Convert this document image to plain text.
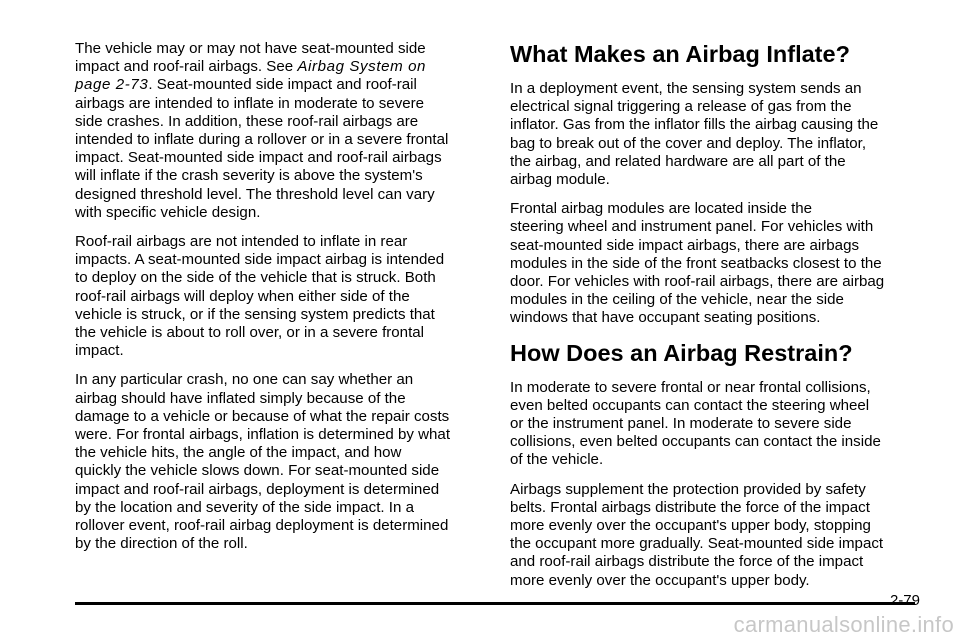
The vehicle may or may not have seat-mounted side
impact and roof-rail airbags. See Airbag System on
page 2-73. Seat-mounted side impact and roof-rail
airbags are intended to inflate in moderate to severe
side crashes. In addition, these roof-rail airbags are
intended to inflate during a rollover or in a severe frontal
impact. Seat-mounted side impact and roof-rail airbags
will inflate if the crash severity is above the system's
designed threshold level. The threshold level can vary
with specific vehicle design.

Roof-rail airbags are not intended to inflate in rear
impacts. A seat-mounted side impact airbag is intended
to deploy on the side of the vehicle that is struck. Both
roof-rail airbags will deploy when either side of the
vehicle is struck, or if the sensing system predicts that
the vehicle is about to roll over, or in a severe frontal
impact.

In any particular crash, no one can say whether an
airbag should have inflated simply because of the
damage to a vehicle or because of what the repair costs
were. For frontal airbags, inflation is determined by what
the vehicle hits, the angle of the impact, and how
quickly the vehicle slows down. For seat-mounted side
impact and roof-rail airbags, deployment is determined
by the location and severity of the side impact. In a
rollover event, roof-rail airbag deployment is determined
by the direction of the roll.

What Makes an Airbag Inflate?

In a deployment event, the sensing system sends an
electrical signal triggering a release of gas from the
inflator. Gas from the inflator fills the airbag causing the
bag to break out of the cover and deploy. The inflator,
the airbag, and related hardware are all part of the
airbag module.

Frontal airbag modules are located inside the
steering wheel and instrument panel. For vehicles with
seat-mounted side impact airbags, there are airbags
modules in the side of the front seatbacks closest to the
door. For vehicles with roof-rail airbags, there are airbag
modules in the ceiling of the vehicle, near the side
windows that have occupant seating positions.

How Does an Airbag Restrain?

In moderate to severe frontal or near frontal collisions,
even belted occupants can contact the steering wheel
or the instrument panel. In moderate to severe side
collisions, even belted occupants can contact the inside
of the vehicle.

Airbags supplement the protection provided by safety
belts. Frontal airbags distribute the force of the impact
more evenly over the occupant's upper body, stopping
the occupant more gradually. Seat-mounted side impact
and roof-rail airbags distribute the force of the impact
more evenly over the occupant's upper body.

2-79
carmanualsonline.info
